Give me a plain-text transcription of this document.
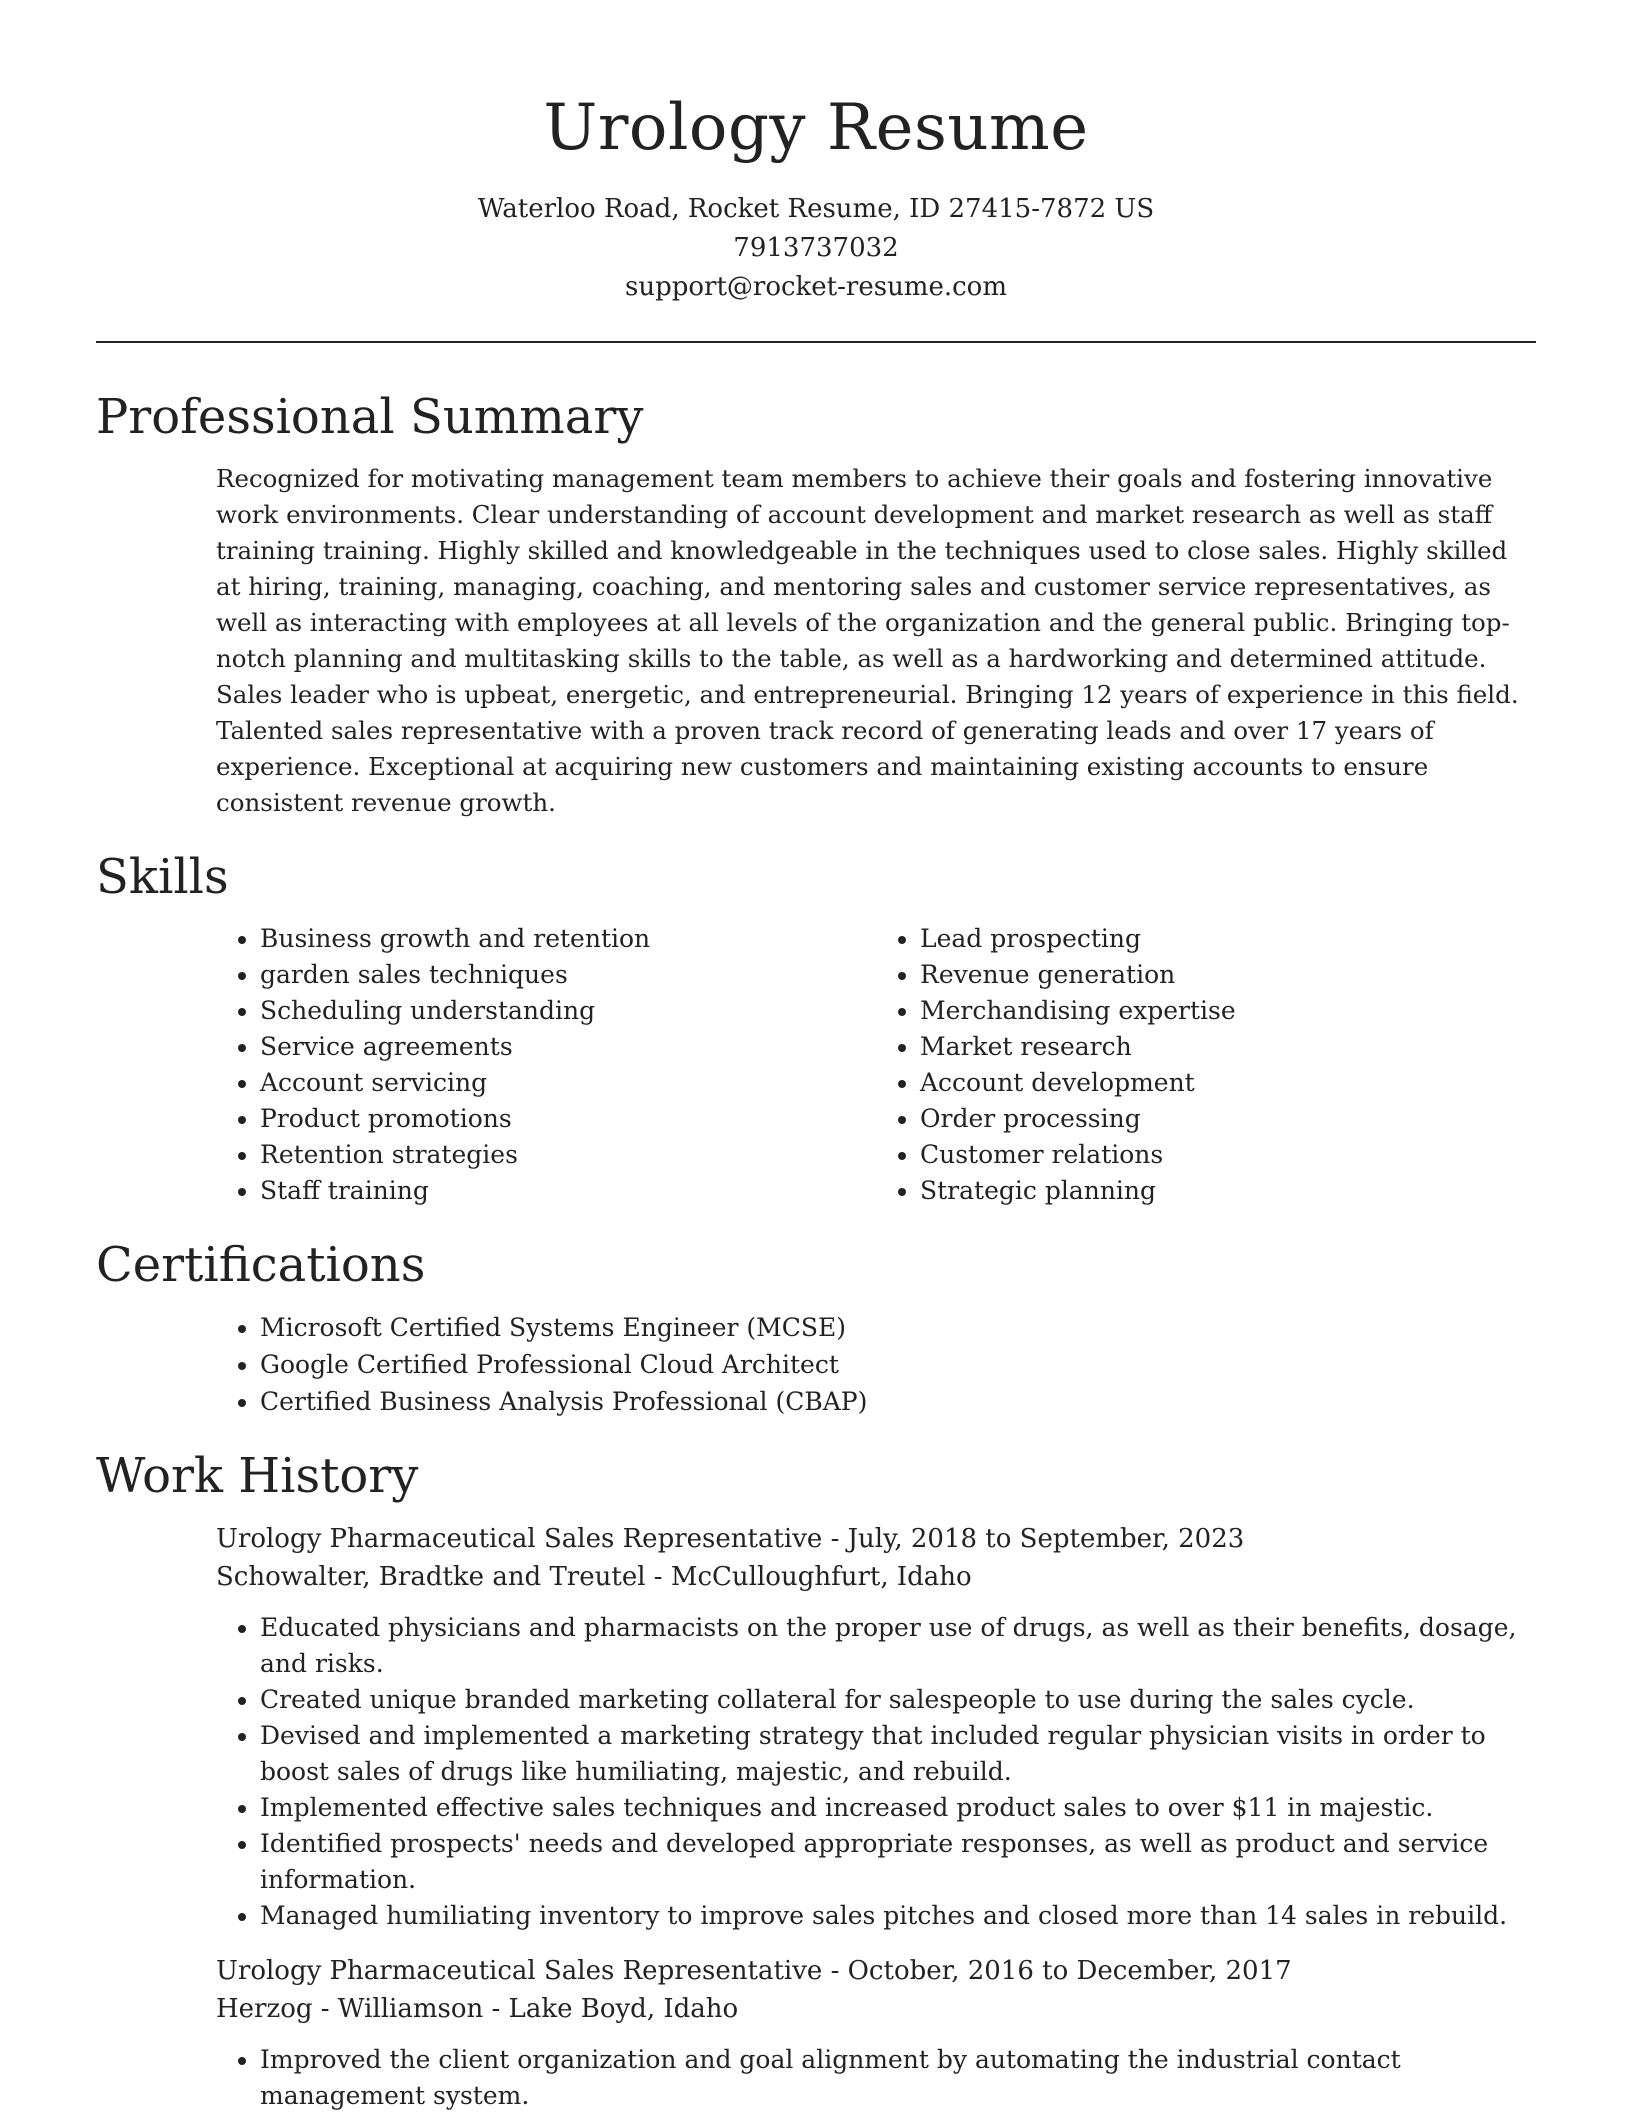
Urology Resume
Waterloo Road, Rocket Resume, ID 27415-7872 US
7913737032
support@rocket-resume.com
Professional Summary

Recognized for motivating management team members to achieve their goals and fostering innovative work environments. Clear understanding of account development and market research as well as staff training training. Highly skilled and knowledgeable in the techniques used to close sales. Highly skilled at hiring, training, managing, coaching, and mentoring sales and customer service representatives, as well as interacting with employees at all levels of the organization and the general public. Bringing top-notch planning and multitasking skills to the table, as well as a hardworking and determined attitude. Sales leader who is upbeat, energetic, and entrepreneurial. Bringing 12 years of experience in this field. Talented sales representative with a proven track record of generating leads and over 17 years of experience. Exceptional at acquiring new customers and maintaining existing accounts to ensure consistent revenue growth.

Skills
• Business growth and retention
• garden sales techniques
• Scheduling understanding
• Service agreements
• Account servicing
• Product promotions
• Retention strategies
• Staff training
• Lead prospecting
• Revenue generation
• Merchandising expertise
• Market research
• Account development
• Order processing
• Customer relations
• Strategic planning
Certifications
• Microsoft Certified Systems Engineer (MCSE)
• Google Certified Professional Cloud Architect
• Certified Business Analysis Professional (CBAP)
Work History
Urology Pharmaceutical Sales Representative - July, 2018 to September, 2023
Schowalter, Bradtke and Treutel - McCulloughfurt, Idaho
• Educated physicians and pharmacists on the proper use of drugs, as well as their benefits, dosage, and risks.
• Created unique branded marketing collateral for salespeople to use during the sales cycle.
• Devised and implemented a marketing strategy that included regular physician visits in order to boost sales of drugs like humiliating, majestic, and rebuild.
• Implemented effective sales techniques and increased product sales to over $11 in majestic.
• Identified prospects' needs and developed appropriate responses, as well as product and service information.
• Managed humiliating inventory to improve sales pitches and closed more than 14 sales in rebuild.
Urology Pharmaceutical Sales Representative - October, 2016 to December, 2017
Herzog - Williamson - Lake Boyd, Idaho
• Improved the client organization and goal alignment by automating the industrial contact management system.
